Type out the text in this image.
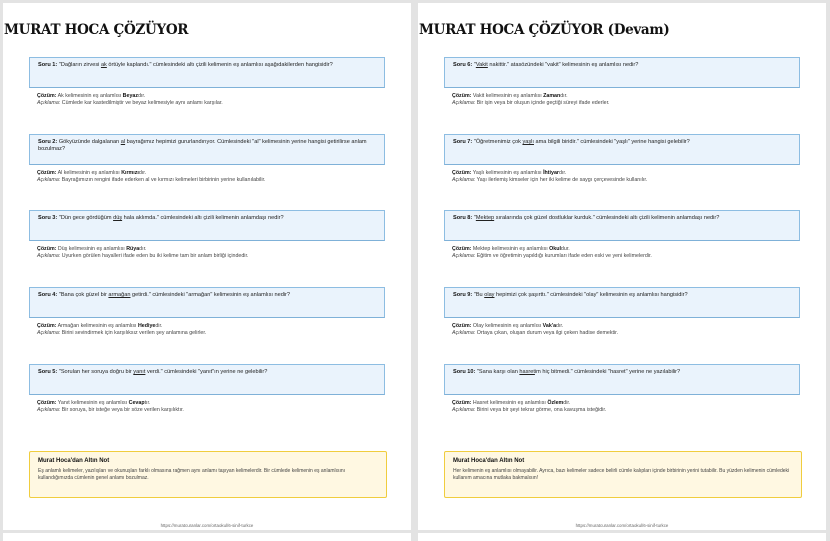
MURAT HOCA ÇÖZÜYOR
Soru 1: "Dağların zirvesi ak örtüyle kaplandı." cümlesindeki altı çizili kelimenin eş anlamlısı aşağıdakilerden hangisidir?
Çözüm: Ak kelimesinin eş anlamlısı Beyazdır.
Açıklama: Cümlede kar kastedilmiştir ve beyaz kelimesiyle aynı anlamı karşılar.
Soru 2: Gökyüzünde dalgalanan al bayrağımız hepimizi gururlandırıyor. Cümlesindeki "al" kelimesinin yerine hangisi getirilirse anlam bozulmaz?
Çözüm: Al kelimesinin eş anlamlısı Kırmızıdır.
Açıklama: Bayrağımızın rengini ifade ederken al ve kırmızı kelimeleri birbirinin yerine kullanılabilir.
Soru 3: "Dün gece gördüğüm düş hala aklımda." cümlesindeki altı çizili kelimenin anlamdaşı nedir?
Çözüm: Düş kelimesinin eş anlamlısı Rüyadır.
Açıklama: Uyurken görülen hayalleri ifade eden bu iki kelime tam bir anlam birliği içindedir.
Soru 4: "Bana çok güzel bir armağan getirdi." cümlesindeki "armağan" kelimesinin eş anlamlısı nedir?
Çözüm: Armağan kelimesinin eş anlamlısı Hediyedir.
Açıklama: Birini sevindirmek için karşılıksız verilen şey anlamına gelirler.
Soru 5: "Sorulan her soruya doğru bir yanıt verdi." cümlesindeki "yanıt"ın yerine ne gelebilir?
Çözüm: Yanıt kelimesinin eş anlamlısı Cevaptır.
Açıklama: Bir soruya, bir isteğe veya bir söze verilen karşılıktır.
Murat Hoca'dan Altın Not
Eş anlamlı kelimeler, yazılışları ve okunuşları farklı olmasına rağmen aynı anlamı taşıyan kelimelerdir. Bir cümlede kelimenin eş anlamlısını kullandığımızda cümlenin genel anlamı bozulmaz.
https://muratcuranlar.com/ortaokul/6-sinif-turkce
MURAT HOCA ÇÖZÜYOR (Devam)
Soru 6: "Vakit nakittir." atasözündeki "vakit" kelimesinin eş anlamlısı nedir?
Çözüm: Vakit kelimesinin eş anlamlısı Zamandır.
Açıklama: Bir işin veya bir oluşun içinde geçtiği süreyi ifade ederler.
Soru 7: "Öğretmenimiz çok yaşlı ama bilgili biridir." cümlesindeki "yaşlı" yerine hangisi gelebilir?
Çözüm: Yaşlı kelimesinin eş anlamlısı İhtiyardır.
Açıklama: Yaşı ilerlemiş kimseler için her iki kelime de saygı çerçevesinde kullanılır.
Soru 8: "Mektep sıralarında çok güzel dostluklar kurduk." cümlesindeki altı çizili kelimenin anlamdaşı nedir?
Çözüm: Mektep kelimesinin eş anlamlısı Okuldur.
Açıklama: Eğitim ve öğretimin yapıldığı kurumları ifade eden eski ve yeni kelimelerdir.
Soru 9: "Bu olay hepimizi çok şaşırttı." cümlesindeki "olay" kelimesinin eş anlamlısı hangisidir?
Çözüm: Olay kelimesinin eş anlamlısı Vak'adır.
Açıklama: Ortaya çıkan, oluşan durum veya ilgi çeken hadise demektir.
Soru 10: "Sana karşı olan hasretim hiç bitmedi." cümlesindeki "hasret" yerine ne yazılabilir?
Çözüm: Hasret kelimesinin eş anlamlısı Özlemdir.
Açıklama: Birini veya bir şeyi tekrar görme, ona kavuşma isteğidir.
Murat Hoca'dan Altın Not
Her kelimenin eş anlamlısı olmayabilir. Ayrıca, bazı kelimeler sadece belirli cümle kalıpları içinde birbirinin yerini tutabilir. Bu yüzden kelimenin cümledeki kullanım amacına mutlaka bakmalısın!
https://muratcuranlar.com/ortaokul/6-sinif-turkce
